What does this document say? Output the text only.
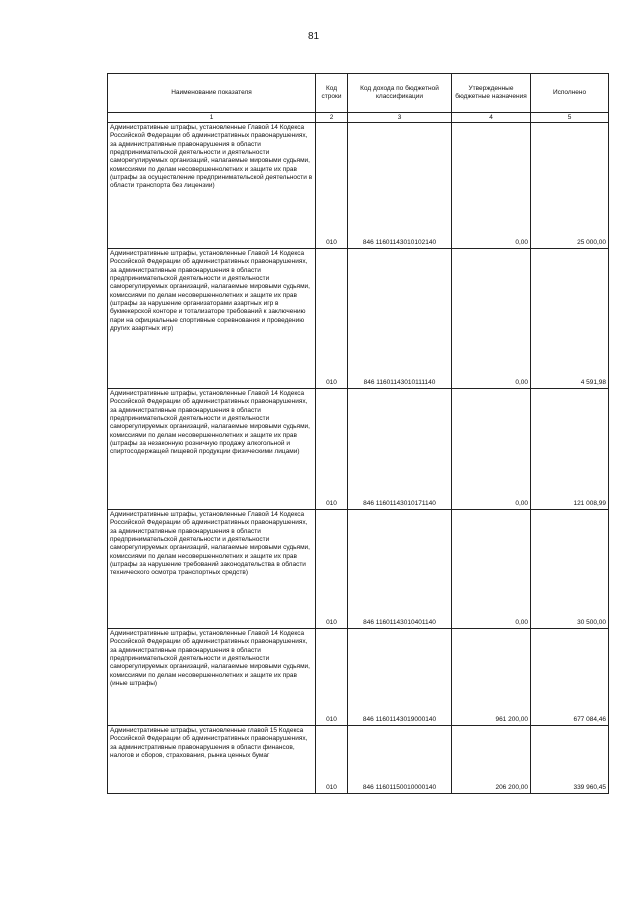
81
Наименование показателя	Код строки	Код дохода по бюджетной классификации	Утвержденные бюджетные назначения	Исполнено
1	2	3	4	5
Административные штрафы, установленные Главой 14 Кодекса Российской Федерации об административных правонарушениях, за административные правонарушения в области предпринимательской деятельности и деятельности саморегулируемых организаций, налагаемые мировыми судьями, комиссиями по делам несовершеннолетних и защите их прав (штрафы за осуществление предпринимательской деятельности в области транспорта без лицензии)	010	846 11601143010102140	0,00	25 000,00
Административные штрафы, установленные Главой 14 Кодекса Российской Федерации об административных правонарушениях, за административные правонарушения в области предпринимательской деятельности и деятельности саморегулируемых организаций, налагаемые мировыми судьями, комиссиями по делам несовершеннолетних и защите их прав (штрафы за нарушение организаторами азартных игр в букмекерской конторе и тотализаторе требований к заключению пари на официальные спортивные соревнования и проведению других азартных игр)	010	846 11601143010111140	0,00	4 591,98
Административные штрафы, установленные Главой 14 Кодекса Российской Федерации об административных правонарушениях, за административные правонарушения в области предпринимательской деятельности и деятельности саморегулируемых организаций, налагаемые мировыми судьями, комиссиями по делам несовершеннолетних и защите их прав (штрафы за незаконную розничную продажу алкогольной и спиртосодержащей пищевой продукции физическими лицами)	010	846 11601143010171140	0,00	121 008,99
Административные штрафы, установленные Главой 14 Кодекса Российской Федерации об административных правонарушениях, за административные правонарушения в области предпринимательской деятельности и деятельности саморегулируемых организаций, налагаемые мировыми судьями, комиссиями по делам несовершеннолетних и защите их прав (штрафы за нарушение требований законодательства в области технического осмотра транспортных средств)	010	846 11601143010401140	0,00	30 500,00
Административные штрафы, установленные Главой 14 Кодекса Российской Федерации об административных правонарушениях, за административные правонарушения в области предпринимательской деятельности и деятельности саморегулируемых организаций, налагаемые мировыми судьями, комиссиями по делам несовершеннолетних и защите их прав (иные штрафы)	010	846 11601143019000140	961 200,00	677 084,46
Административные штрафы, установленные главой 15 Кодекса Российской Федерации об административных правонарушениях, за административные правонарушения в области финансов, налогов и сборов, страхования, рынка ценных бумаг	010	846 11601150010000140	206 200,00	339 960,45
